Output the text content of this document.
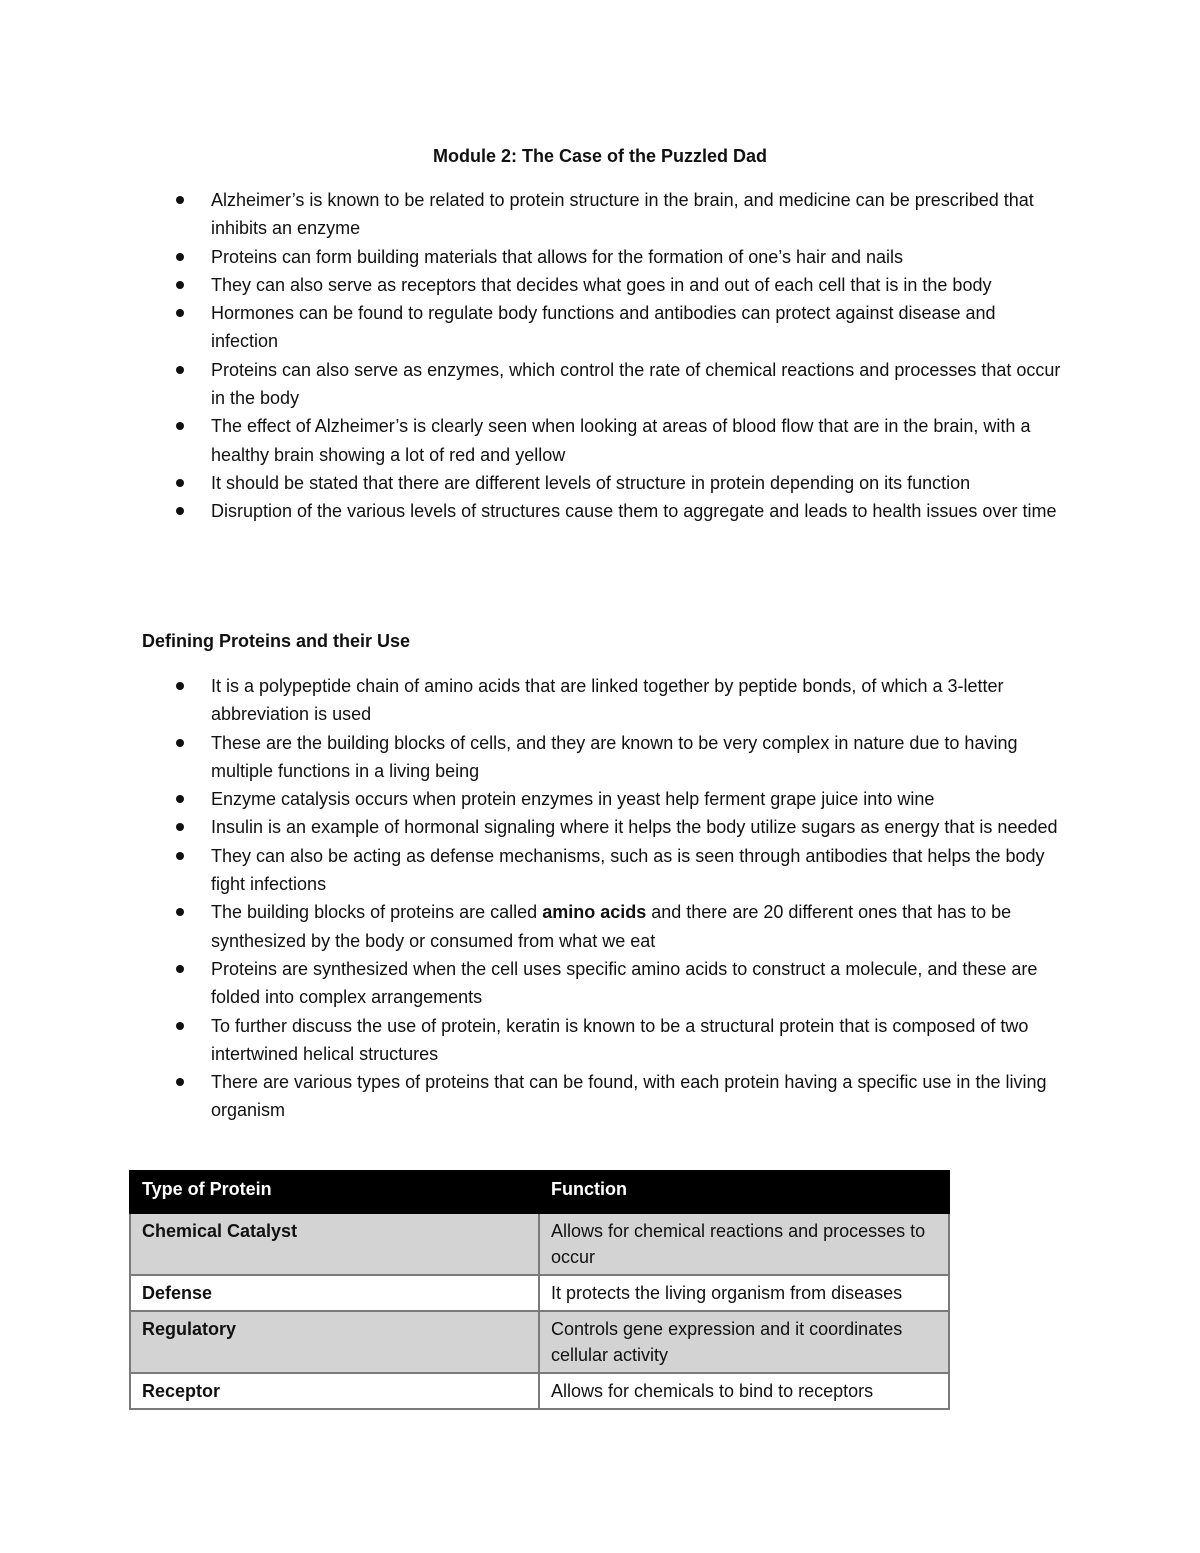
Module 2: The Case of the Puzzled Dad
Alzheimer’s is known to be related to protein structure in the brain, and medicine can be prescribed that inhibits an enzyme
Proteins can form building materials that allows for the formation of one’s hair and nails
They can also serve as receptors that decides what goes in and out of each cell that is in the body
Hormones can be found to regulate body functions and antibodies can protect against disease and infection
Proteins can also serve as enzymes, which control the rate of chemical reactions and processes that occur in the body
The effect of Alzheimer’s is clearly seen when looking at areas of blood flow that are in the brain, with a healthy brain showing a lot of red and yellow
It should be stated that there are different levels of structure in protein depending on its function
Disruption of the various levels of structures cause them to aggregate and leads to health issues over time
Defining Proteins and their Use
It is a polypeptide chain of amino acids that are linked together by peptide bonds, of which a 3-letter abbreviation is used
These are the building blocks of cells, and they are known to be very complex in nature due to having multiple functions in a living being
Enzyme catalysis occurs when protein enzymes in yeast help ferment grape juice into wine
Insulin is an example of hormonal signaling where it helps the body utilize sugars as energy that is needed
They can also be acting as defense mechanisms, such as is seen through antibodies that helps the body fight infections
The building blocks of proteins are called amino acids and there are 20 different ones that has to be synthesized by the body or consumed from what we eat
Proteins are synthesized when the cell uses specific amino acids to construct a molecule, and these are folded into complex arrangements
To further discuss the use of protein, keratin is known to be a structural protein that is composed of two intertwined helical structures
There are various types of proteins that can be found, with each protein having a specific use in the living organism
Type of Protein	Function
Chemical Catalyst	Allows for chemical reactions and processes to occur
Defense	It protects the living organism from diseases
Regulatory	Controls gene expression and it coordinates cellular activity
Receptor	Allows for chemicals to bind to receptors
